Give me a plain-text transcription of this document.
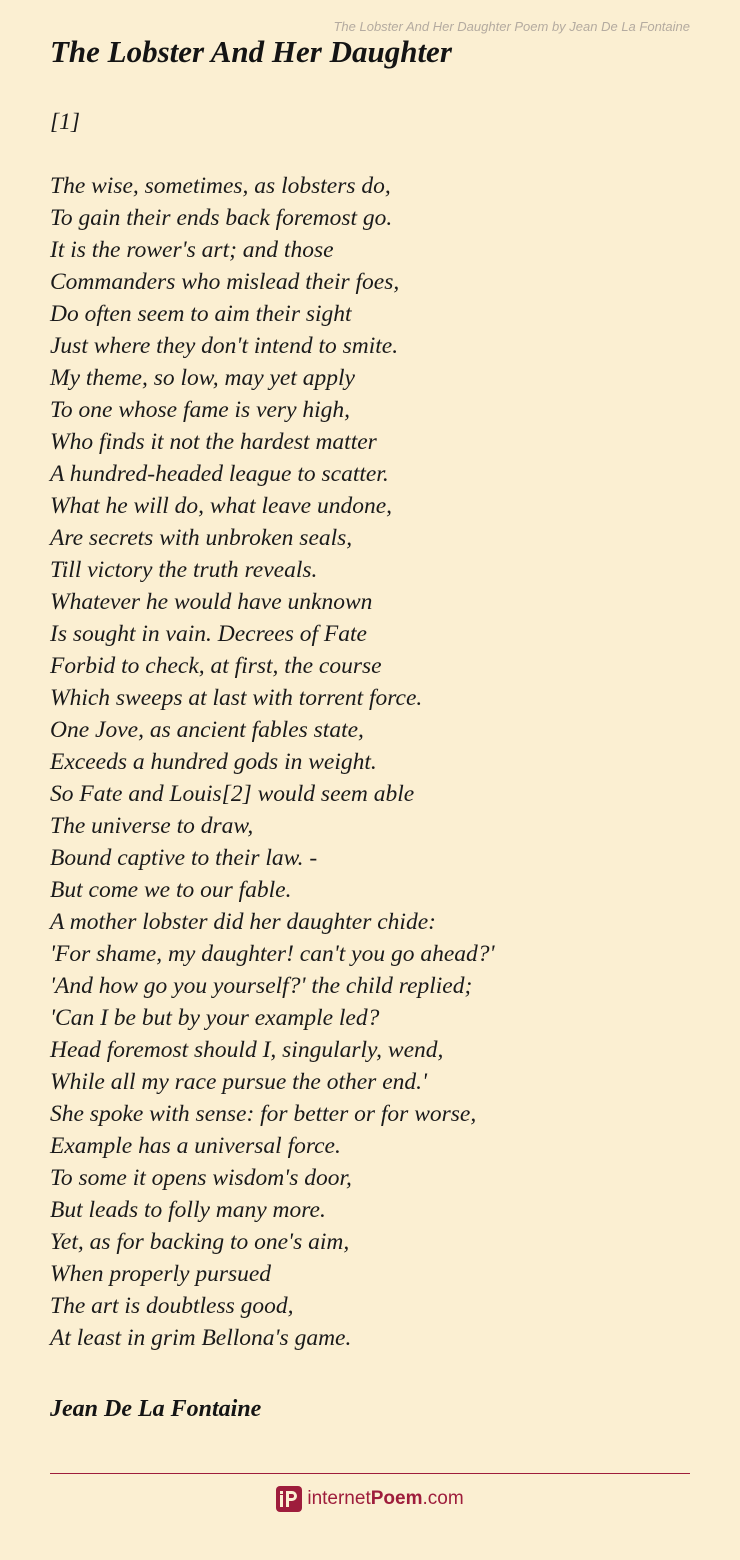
The Lobster And Her Daughter Poem by Jean De La Fontaine
The Lobster And Her Daughter
[1]
The wise, sometimes, as lobsters do,
To gain their ends back foremost go.
It is the rower's art; and those
Commanders who mislead their foes,
Do often seem to aim their sight
Just where they don't intend to smite.
My theme, so low, may yet apply
To one whose fame is very high,
Who finds it not the hardest matter
A hundred-headed league to scatter.
What he will do, what leave undone,
Are secrets with unbroken seals,
Till victory the truth reveals.
Whatever he would have unknown
Is sought in vain. Decrees of Fate
Forbid to check, at first, the course
Which sweeps at last with torrent force.
One Jove, as ancient fables state,
Exceeds a hundred gods in weight.
So Fate and Louis[2] would seem able
The universe to draw,
Bound captive to their law. -
But come we to our fable.
A mother lobster did her daughter chide:
'For shame, my daughter! can't you go ahead?'
'And how go you yourself?' the child replied;
'Can I be but by your example led?
Head foremost should I, singularly, wend,
While all my race pursue the other end.'
She spoke with sense: for better or for worse,
Example has a universal force.
To some it opens wisdom's door,
But leads to folly many more.
Yet, as for backing to one's aim,
When properly pursued
The art is doubtless good,
At least in grim Bellona's game.
Jean De La Fontaine
internetPoem.com
